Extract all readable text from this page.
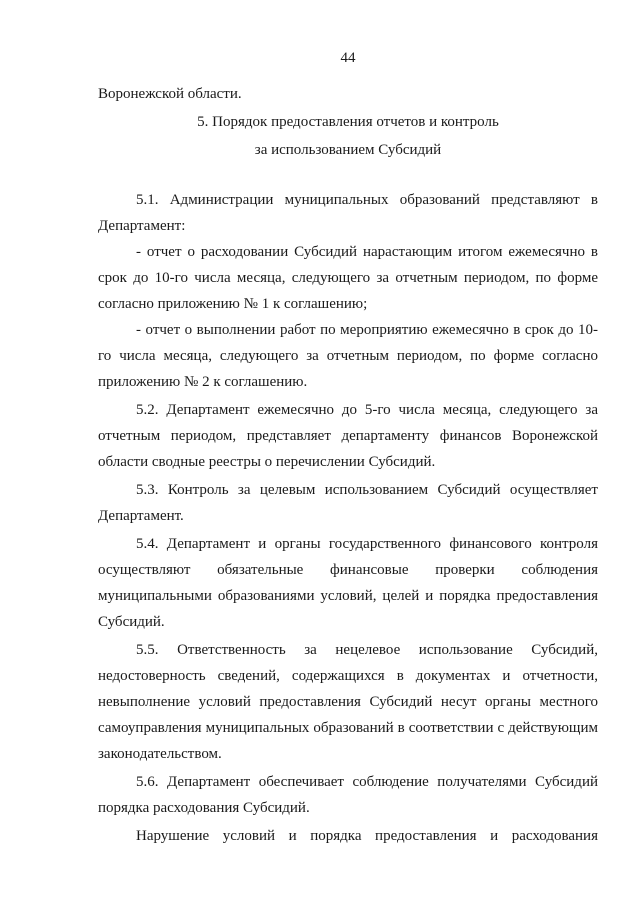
44
Воронежской области.
5. Порядок предоставления отчетов и контроль
за использованием Субсидий
5.1. Администрации муниципальных образований представляют в
Департамент:
- отчет о расходовании Субсидий нарастающим итогом ежемесячно в
срок до 10-го числа месяца, следующего за отчетным периодом, по форме
согласно приложению № 1 к соглашению;
- отчет о выполнении работ по мероприятию ежемесячно в срок до 10-
го числа месяца, следующего за отчетным периодом, по форме согласно
приложению № 2 к соглашению.
5.2. Департамент ежемесячно до 5-го числа месяца, следующего за
отчетным периодом, представляет департаменту финансов Воронежской
области сводные реестры о перечислении Субсидий.
5.3. Контроль за целевым использованием Субсидий осуществляет
Департамент.
5.4. Департамент и органы государственного финансового контроля
осуществляют обязательные финансовые проверки соблюдения
муниципальными образованиями условий, целей и порядка предоставления
Субсидий.
5.5. Ответственность за нецелевое использование Субсидий,
недостоверность сведений, содержащихся в документах и отчетности,
невыполнение условий предоставления Субсидий несут органы местного
самоуправления муниципальных образований в соответствии с действующим
законодательством.
5.6. Департамент обеспечивает соблюдение получателями Субсидий
порядка расходования Субсидий.
Нарушение условий и порядка предоставления и расходования
